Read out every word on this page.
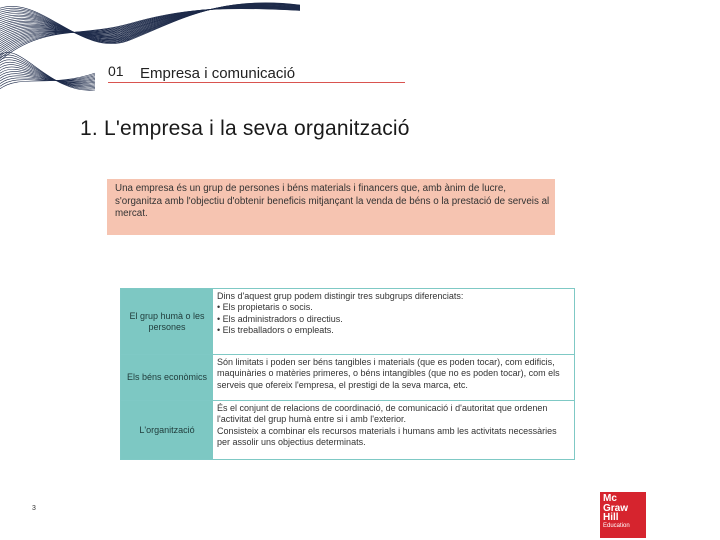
01 Empresa i comunicació
1. L'empresa i la seva organització
Una empresa és un grup de persones i béns materials i financers que, amb ànim de lucre, s'organitza amb l'objectiu d'obtenir beneficis mitjançant la venda de béns o la prestació de serveis al mercat.
El grup humà o les persones
Dins d'aquest grup podem distingir tres subgrups diferenciats:
• Els propietaris o socis.
• Els administradors o directius.
• Els treballadors o empleats.
Els béns econòmics
Són limitats i poden ser béns tangibles i materials (que es poden tocar), com edificis, maquinàries o matèries primeres, o béns intangibles (que no es poden tocar), com els serveis que ofereix l'empresa, el prestigi de la seva marca, etc.
L'organització
És el conjunt de relacions de coordinació, de comunicació i d'autoritat que ordenen l'activitat del grup humà entre si i amb l'exterior.
Consisteix a combinar els recursos materials i humans amb les activitats necessàries per assolir uns objectius determinats.
3
Mc
Graw
Hill
Education
